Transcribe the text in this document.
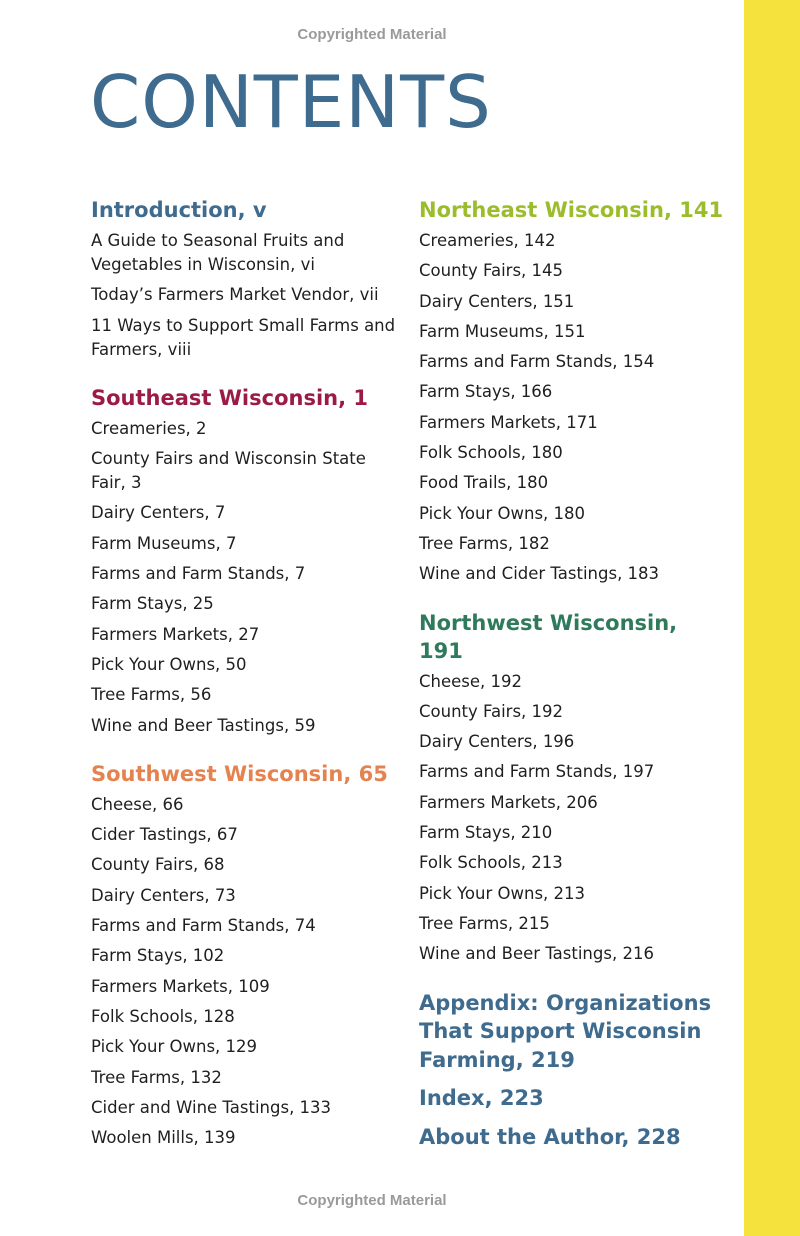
Copyrighted Material
CONTENTS
Introduction, v
A Guide to Seasonal Fruits and Vegetables in Wisconsin, vi
Today’s Farmers Market Vendor, vii
11 Ways to Support Small Farms and Farmers, viii
Southeast Wisconsin, 1
Creameries, 2
County Fairs and Wisconsin State Fair, 3
Dairy Centers, 7
Farm Museums, 7
Farms and Farm Stands, 7
Farm Stays, 25
Farmers Markets, 27
Pick Your Owns, 50
Tree Farms, 56
Wine and Beer Tastings, 59
Southwest Wisconsin, 65
Cheese, 66
Cider Tastings, 67
County Fairs, 68
Dairy Centers, 73
Farms and Farm Stands, 74
Farm Stays, 102
Farmers Markets, 109
Folk Schools, 128
Pick Your Owns, 129
Tree Farms, 132
Cider and Wine Tastings, 133
Woolen Mills, 139
Northeast Wisconsin, 141
Creameries, 142
County Fairs, 145
Dairy Centers, 151
Farm Museums, 151
Farms and Farm Stands, 154
Farm Stays, 166
Farmers Markets, 171
Folk Schools, 180
Food Trails, 180
Pick Your Owns, 180
Tree Farms, 182
Wine and Cider Tastings, 183
Northwest Wisconsin, 191
Cheese, 192
County Fairs, 192
Dairy Centers, 196
Farms and Farm Stands, 197
Farmers Markets, 206
Farm Stays, 210
Folk Schools, 213
Pick Your Owns, 213
Tree Farms, 215
Wine and Beer Tastings, 216
Appendix: Organizations That Support Wisconsin Farming, 219
Index, 223
About the Author, 228
Copyrighted Material
